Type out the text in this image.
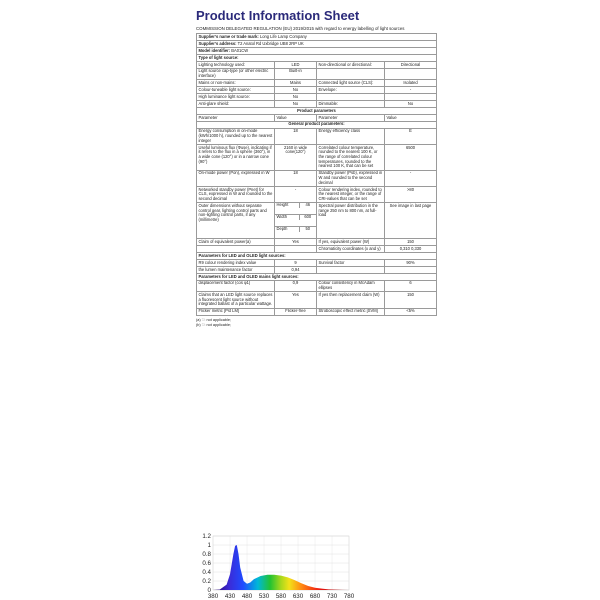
Product Information Sheet
COMMISSION DELEGATED REGULATION (EU) 2019/2015 with regard to energy labelling of light sources
Supplier’s name or trade mark: Long Life Lamp Company			
Supplier’s address: T2 Anatol Rd Uxbridge UB8 2RP UK			
Model identifier: BA01CW			
Type of light source:			
Lighting technology used:	LED	Non-directional or directional:	Directional
Light source cap-type (or other electric interface)	Built-in		
Mains or non-mains:	Mains	Connected light source (CLS):	Isolated
Colour-tuneable light source:	No	Envelope:	-
High luminance light source:	No		
Anti-glare shield:	No	Dimmable:	No
Product parameters			
Parameter	Value	Parameter	Value
General product parameters:			
Energy consumption in on-mode (kWh/1000 h), rounded up to the nearest integer	18	Energy efficiency class	E
Useful luminous flux (Φuse), indicating if it refers to the flux in a sphere (360°), in a wide cone (120°) or in a narrow cone (90°)	2160 in wide cone(120°)	Correlated colour temperature, rounded to the nearest 100 K, or the range of correlated colour temperatures, rounded to the nearest 100 K, that can be set	6500
On-mode power (Pon), expressed in W	18	Standby power (Psb), expressed in W and rounded to the second decimal	-
Networked standby power (Pnet) for CLS, expressed in W and rounded to the second decimal	-	Colour rendering index, rounded to the nearest integer, or the range of CRI-values that can be set	>80
Outer dimensions without separate control gear, lighting control parts and non-lighting control parts, if any (millimetre)	Height 46	Spectral power distribution in the range 250 nm to 800 nm, at full-load	See image in last page

	Width 600		

	Depth 50		

Claim of equivalent power(a)	Yes	If yes, equivalent power (W)	150
		Chromaticity coordinates (x and y)	0,310 0,330
Parameters for LED and OLED light sources:			
R9 colour rendering index value	9	Survival factor	90%
the lumen maintenance factor	0,94		
Parameters for LED and OLED mains light sources:			
displacement factor (cos φ1)	0,9	Colour consistency in McAdam ellipses	6
Claims that an LED light source replaces a fluorescent light source without integrated ballast of a particular wattage.	Yes	If yes then replacement claim (W)	150
Flicker metric [Pst LM]	Flicker-free	Stroboscopic effect metric [SVM]	<5%
(a) '-': not applicable;
(b) '-': not applicable;
0
0.2
0.4
0.6
0.8
1
1.2
380 430 480 530 580 630 680 730 780
